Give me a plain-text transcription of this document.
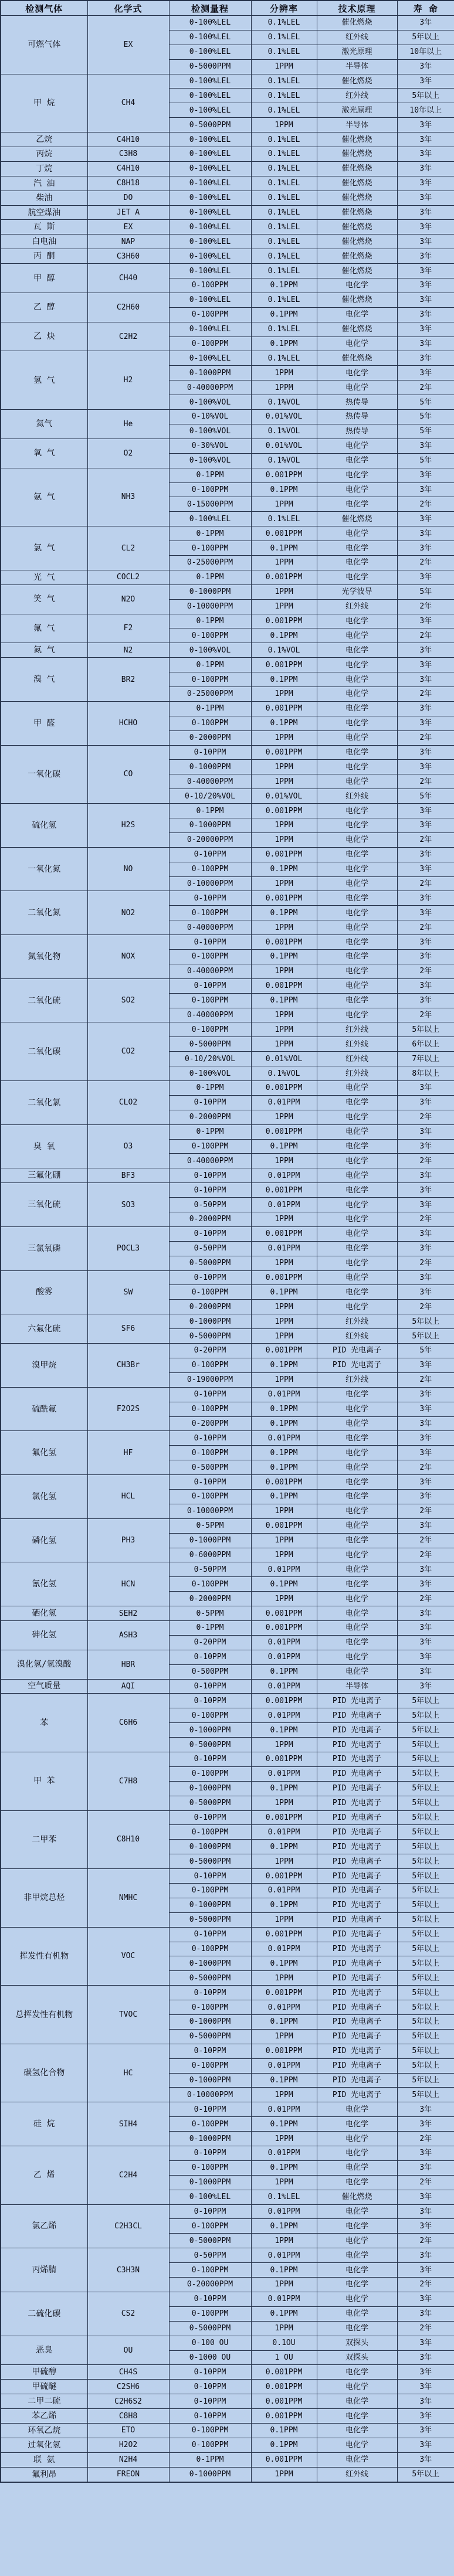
检测气体	化学式	检测量程	分辨率	技术原理	寿 命
可燃气体	EX	0-100%LEL	0.1%LEL	催化燃烧	3年
		0-100%LEL	0.1%LEL	红外线	5年以上
		0-100%LEL	0.1%LEL	激光原理	10年以上
		0-5000PPM	1PPM	半导体	3年
甲 烷	CH4	0-100%LEL	0.1%LEL	催化燃烧	3年
		0-100%LEL	0.1%LEL	红外线	5年以上
		0-100%LEL	0.1%LEL	激光原理	10年以上
		0-5000PPM	1PPM	半导体	3年
乙烷	C4H10	0-100%LEL	0.1%LEL	催化燃烧	3年
丙烷	C3H8	0-100%LEL	0.1%LEL	催化燃烧	3年
丁烷	C4H10	0-100%LEL	0.1%LEL	催化燃烧	3年
汽 油	C8H18	0-100%LEL	0.1%LEL	催化燃烧	3年
柴油	DO	0-100%LEL	0.1%LEL	催化燃烧	3年
航空煤油	JET A	0-100%LEL	0.1%LEL	催化燃烧	3年
瓦 斯	EX	0-100%LEL	0.1%LEL	催化燃烧	3年
白电油	NAP	0-100%LEL	0.1%LEL	催化燃烧	3年
丙 酮	C3H60	0-100%LEL	0.1%LEL	催化燃烧	3年
甲 醇	CH40	0-100%LEL	0.1%LEL	催化燃烧	3年
		0-100PPM	0.1PPM	电化学	3年
乙 醇	C2H60	0-100%LEL	0.1%LEL	催化燃烧	3年
		0-100PPM	0.1PPM	电化学	3年
乙 炔	C2H2	0-100%LEL	0.1%LEL	催化燃烧	3年
		0-100PPM	0.1PPM	电化学	3年
氢 气	H2	0-100%LEL	0.1%LEL	催化燃烧	3年
		0-1000PPM	1PPM	电化学	3年
		0-40000PPM	1PPM	电化学	2年
		0-100%VOL	0.1%VOL	热传导	5年
氦气	He	0-10%VOL	0.01%VOL	热传导	5年
		0-100%VOL	0.1%VOL	热传导	5年
氧 气	O2	0-30%VOL	0.01%VOL	电化学	3年
		0-100%VOL	0.1%VOL	电化学	5年
氨 气	NH3	0-1PPM	0.001PPM	电化学	3年
		0-100PPM	0.1PPM	电化学	3年
		0-15000PPM	1PPM	电化学	2年
		0-100%LEL	0.1%LEL	催化燃烧	3年
氯 气	CL2	0-1PPM	0.001PPM	电化学	3年
		0-100PPM	0.1PPM	电化学	3年
		0-25000PPM	1PPM	电化学	2年
光 气	COCL2	0-1PPM	0.001PPM	电化学	3年
笑 气	N2O	0-1000PPM	1PPM	光学波导	5年
		0-10000PPM	1PPM	红外线	2年
氟 气	F2	0-1PPM	0.001PPM	电化学	3年
		0-100PPM	0.1PPM	电化学	2年
氮 气	N2	0-100%VOL	0.1%VOL	电化学	3年
溴 气	BR2	0-1PPM	0.001PPM	电化学	3年
		0-100PPM	0.1PPM	电化学	3年
		0-25000PPM	1PPM	电化学	2年
甲 醛	HCHO	0-1PPM	0.001PPM	电化学	3年
		0-100PPM	0.1PPM	电化学	3年
		0-2000PPM	1PPM	电化学	2年
一氧化碳	CO	0-10PPM	0.001PPM	电化学	3年
		0-1000PPM	1PPM	电化学	3年
		0-40000PPM	1PPM	电化学	2年
		0-10/20%VOL	0.01%VOL	红外线	5年
硫化氢	H2S	0-1PPM	0.001PPM	电化学	3年
		0-1000PPM	1PPM	电化学	3年
		0-20000PPM	1PPM	电化学	2年
一氧化氮	NO	0-10PPM	0.001PPM	电化学	3年
		0-100PPM	0.1PPM	电化学	3年
		0-10000PPM	1PPM	电化学	2年
二氧化氮	NO2	0-10PPM	0.001PPM	电化学	3年
		0-100PPM	0.1PPM	电化学	3年
		0-40000PPM	1PPM	电化学	2年
氮氧化物	NOX	0-10PPM	0.001PPM	电化学	3年
		0-100PPM	0.1PPM	电化学	3年
		0-40000PPM	1PPM	电化学	2年
二氧化硫	SO2	0-10PPM	0.001PPM	电化学	3年
		0-100PPM	0.1PPM	电化学	3年
		0-40000PPM	1PPM	电化学	2年
二氧化碳	CO2	0-100PPM	1PPM	红外线	5年以上
		0-5000PPM	1PPM	红外线	6年以上
		0-10/20%VOL	0.01%VOL	红外线	7年以上
		0-100%VOL	0.1%VOL	红外线	8年以上
二氧化氯	CLO2	0-1PPM	0.001PPM	电化学	3年
		0-10PPM	0.01PPM	电化学	3年
		0-2000PPM	1PPM	电化学	2年
臭 氧	O3	0-1PPM	0.001PPM	电化学	3年
		0-100PPM	0.1PPM	电化学	3年
		0-40000PPM	1PPM	电化学	2年
三氟化硼	BF3	0-10PPM	0.01PPM	电化学	3年
三氧化硫	SO3	0-10PPM	0.001PPM	电化学	3年
		0-50PPM	0.01PPM	电化学	3年
		0-2000PPM	1PPM	电化学	2年
三氯氧磷	POCL3	0-10PPM	0.001PPM	电化学	3年
		0-50PPM	0.01PPM	电化学	3年
		0-5000PPM	1PPM	电化学	2年
酸雾	SW	0-10PPM	0.001PPM	电化学	3年
		0-100PPM	0.1PPM	电化学	3年
		0-2000PPM	1PPM	电化学	2年
六氟化硫	SF6	0-1000PPM	1PPM	红外线	5年以上
		0-5000PPM	1PPM	红外线	5年以上
溴甲烷	CH3Br	0-20PPM	0.001PPM	PID 光电离子	5年
		0-100PPM	0.1PPM	PID 光电离子	3年
		0-19000PPM	1PPM	红外线	2年
硫酰氟	F2O2S	0-10PPM	0.01PPM	电化学	3年
		0-100PPM	0.1PPM	电化学	3年
		0-200PPM	0.1PPM	电化学	3年
氟化氢	HF	0-10PPM	0.01PPM	电化学	3年
		0-100PPM	0.1PPM	电化学	3年
		0-500PPM	0.1PPM	电化学	2年
氯化氢	HCL	0-10PPM	0.001PPM	电化学	3年
		0-100PPM	0.1PPM	电化学	3年
		0-10000PPM	1PPM	电化学	2年
磷化氢	PH3	0-5PPM	0.001PPM	电化学	3年
		0-1000PPM	1PPM	电化学	2年
		0-6000PPM	1PPM	电化学	2年
氰化氢	HCN	0-50PPM	0.01PPM	电化学	3年
		0-100PPM	0.1PPM	电化学	3年
		0-2000PPM	1PPM	电化学	2年
硒化氢	SEH2	0-5PPM	0.001PPM	电化学	3年
砷化氢	ASH3	0-1PPM	0.001PPM	电化学	3年
		0-20PPM	0.01PPM	电化学	3年
溴化氢/氢溴酸	HBR	0-10PPM	0.01PPM	电化学	3年
		0-500PPM	0.1PPM	电化学	3年
空气质量	AQI	0-10PPM	0.01PPM	半导体	3年
苯	C6H6	0-10PPM	0.001PPM	PID 光电离子	5年以上
		0-100PPM	0.01PPM	PID 光电离子	5年以上
		0-1000PPM	0.1PPM	PID 光电离子	5年以上
		0-5000PPM	1PPM	PID 光电离子	5年以上
甲 苯	C7H8	0-10PPM	0.001PPM	PID 光电离子	5年以上
		0-100PPM	0.01PPM	PID 光电离子	5年以上
		0-1000PPM	0.1PPM	PID 光电离子	5年以上
		0-5000PPM	1PPM	PID 光电离子	5年以上
二甲苯	C8H10	0-10PPM	0.001PPM	PID 光电离子	5年以上
		0-100PPM	0.01PPM	PID 光电离子	5年以上
		0-1000PPM	0.1PPM	PID 光电离子	5年以上
		0-5000PPM	1PPM	PID 光电离子	5年以上
非甲烷总烃	NMHC	0-10PPM	0.001PPM	PID 光电离子	5年以上
		0-100PPM	0.01PPM	PID 光电离子	5年以上
		0-1000PPM	0.1PPM	PID 光电离子	5年以上
		0-5000PPM	1PPM	PID 光电离子	5年以上
挥发性有机物	VOC	0-10PPM	0.001PPM	PID 光电离子	5年以上
		0-100PPM	0.01PPM	PID 光电离子	5年以上
		0-1000PPM	0.1PPM	PID 光电离子	5年以上
		0-5000PPM	1PPM	PID 光电离子	5年以上
总挥发性有机物	TVOC	0-10PPM	0.001PPM	PID 光电离子	5年以上
		0-100PPM	0.01PPM	PID 光电离子	5年以上
		0-1000PPM	0.1PPM	PID 光电离子	5年以上
		0-5000PPM	1PPM	PID 光电离子	5年以上
碳氢化合物	HC	0-10PPM	0.001PPM	PID 光电离子	5年以上
		0-100PPM	0.01PPM	PID 光电离子	5年以上
		0-1000PPM	0.1PPM	PID 光电离子	5年以上
		0-10000PPM	1PPM	PID 光电离子	5年以上
硅 烷	SIH4	0-10PPM	0.01PPM	电化学	3年
		0-100PPM	0.1PPM	电化学	3年
		0-1000PPM	1PPM	电化学	2年
乙 烯	C2H4	0-10PPM	0.01PPM	电化学	3年
		0-100PPM	0.1PPM	电化学	3年
		0-1000PPM	1PPM	电化学	2年
		0-100%LEL	0.1%LEL	催化燃烧	3年
氯乙烯	C2H3CL	0-10PPM	0.01PPM	电化学	3年
		0-100PPM	0.1PPM	电化学	3年
		0-5000PPM	1PPM	电化学	2年
丙烯腈	C3H3N	0-50PPM	0.01PPM	电化学	3年
		0-100PPM	0.1PPM	电化学	3年
		0-20000PPM	1PPM	电化学	2年
二硫化碳	CS2	0-10PPM	0.01PPM	电化学	3年
		0-100PPM	0.1PPM	电化学	3年
		0-5000PPM	1PPM	电化学	2年
恶臭	OU	0-100 OU	0.1OU	双探头	3年
		0-1000 OU	1 OU	双探头	3年
甲硫醇	CH4S	0-10PPM	0.001PPM	电化学	3年
甲硫醚	C2SH6	0-10PPM	0.001PPM	电化学	3年
二甲二硫	C2H6S2	0-10PPM	0.001PPM	电化学	3年
苯乙烯	C8H8	0-10PPM	0.001PPM	电化学	3年
环氧乙烷	ETO	0-100PPM	0.1PPM	电化学	3年
过氧化氢	H2O2	0-100PPM	0.1PPM	电化学	3年
联 氨	N2H4	0-1PPM	0.001PPM	电化学	3年
氟利昂	FREON	0-1000PPM	1PPM	红外线	5年以上
